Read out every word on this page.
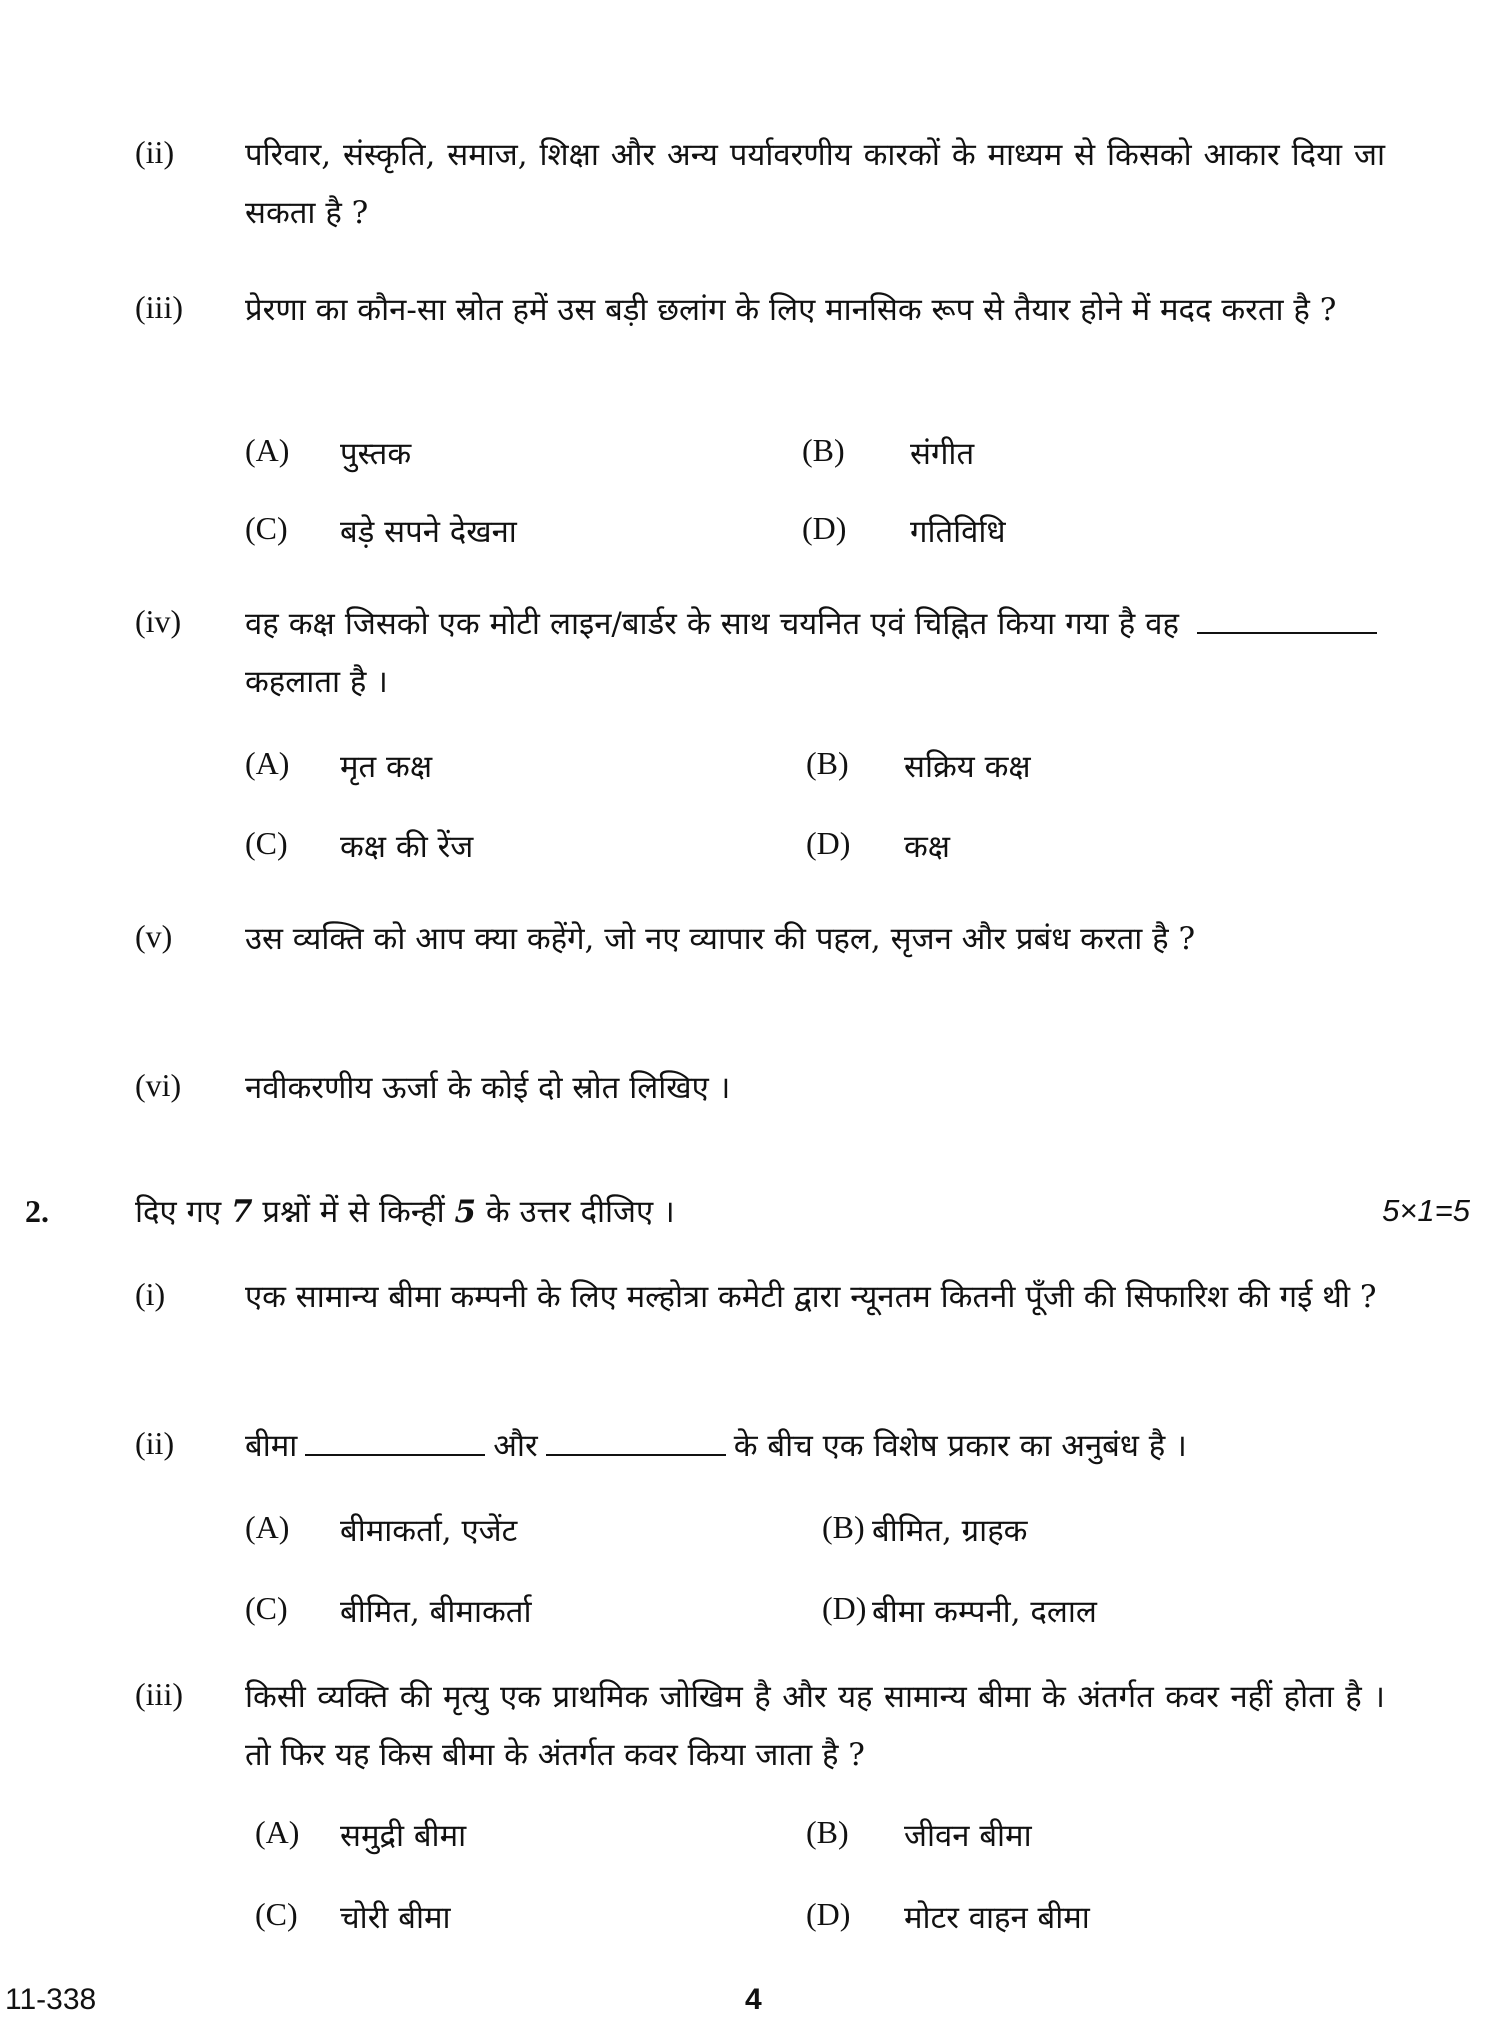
(ii) परिवार, संस्कृति, समाज, शिक्षा और अन्य पर्यावरणीय कारकों के माध्यम से किसको आकार दिया जा सकता है ?
(iii) प्रेरणा का कौन-सा स्रोत हमें उस बड़ी छलांग के लिए मानसिक रूप से तैयार होने में मदद करता है ?
(A) पुस्तक	(B) संगीत
(C) बड़े सपने देखना	(D) गतिविधि
(iv) वह कक्ष जिसको एक मोटी लाइन/बार्डर के साथ चयनित एवं चिह्नित किया गया है वह  कहलाता है ।
(A) मृत कक्ष	(B) सक्रिय कक्ष
(C) कक्ष की रेंज	(D) कक्ष
(v) उस व्यक्ति को आप क्या कहेंगे, जो नए व्यापार की पहल, सृजन और प्रबंध करता है ?
(vi) नवीकरणीय ऊर्जा के कोई दो स्रोत लिखिए ।
2.	दिए गए 7 प्रश्नों में से किन्हीं 5 के उत्तर दीजिए ।	5×1=5
(i)	एक सामान्य बीमा कम्पनी के लिए मल्होत्रा कमेटी द्वारा न्यूनतम कितनी पूँजी की सिफारिश की गई थी ?
(ii) बीमा	और	के बीच एक विशेष प्रकार का अनुबंध है ।
(A) बीमाकर्ता, एजेंट	(B) बीमित, ग्राहक
(C) बीमित, बीमाकर्ता	(D) बीमा कम्पनी, दलाल
(iii) किसी व्यक्ति की मृत्यु एक प्राथमिक जोखिम है और यह सामान्य बीमा के अंतर्गत कवर नहीं होता है । तो फिर यह किस बीमा के अंतर्गत कवर किया जाता है ?
(A) समुद्री बीमा	(B) जीवन बीमा
(C) चोरी बीमा	(D) मोटर वाहन बीमा
11-338	4
